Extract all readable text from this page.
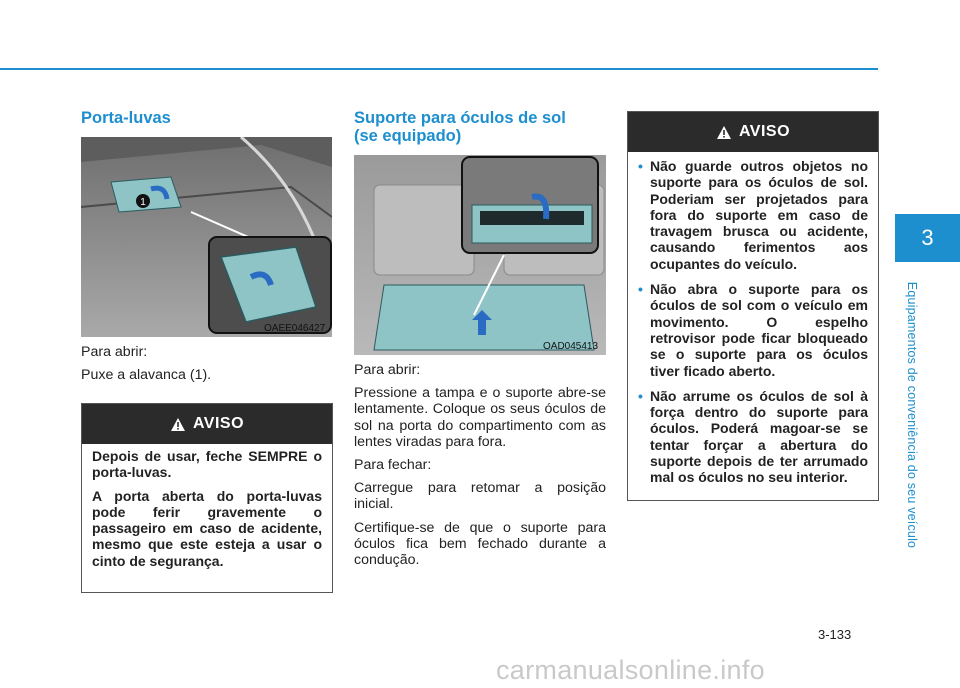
Porta-luvas
1
OAEE046427

Para abrir:

Puxe a alavanca (1).

AVISO

Depois de usar, feche SEMPRE o porta-luvas.

A porta aberta do porta-luvas pode ferir gravemente o passageiro em caso de acidente, mesmo que este esteja a usar o cinto de segurança.

Suporte para óculos de sol
(se equipado)
OAD045413

Para abrir:

Pressione a tampa e o suporte abre-se lentamente. Coloque os seus óculos de sol na porta do compartimento com as lentes viradas para fora.

Para fechar:

Carregue para retomar a posição inicial.

Certifique-se de que o suporte para óculos fica bem fechado durante a condução.

AVISO
• Não guarde outros objetos no suporte para os óculos de sol. Poderiam ser projetados para fora do suporte em caso de travagem brusca ou acidente, causando ferimentos aos ocupantes do veículo.
• Não abra o suporte para os óculos de sol com o veículo em movimento. O espelho retrovisor pode ficar bloqueado se o suporte para os óculos tiver ficado aberto.
• Não arrume os óculos de sol à força dentro do suporte para óculos. Poderá magoar-se se tentar forçar a abertura do suporte depois de ter arrumado mal os óculos no seu interior.
3
Equipamentos de conveniência do seu veículo
3-133
carmanualsonline.info
